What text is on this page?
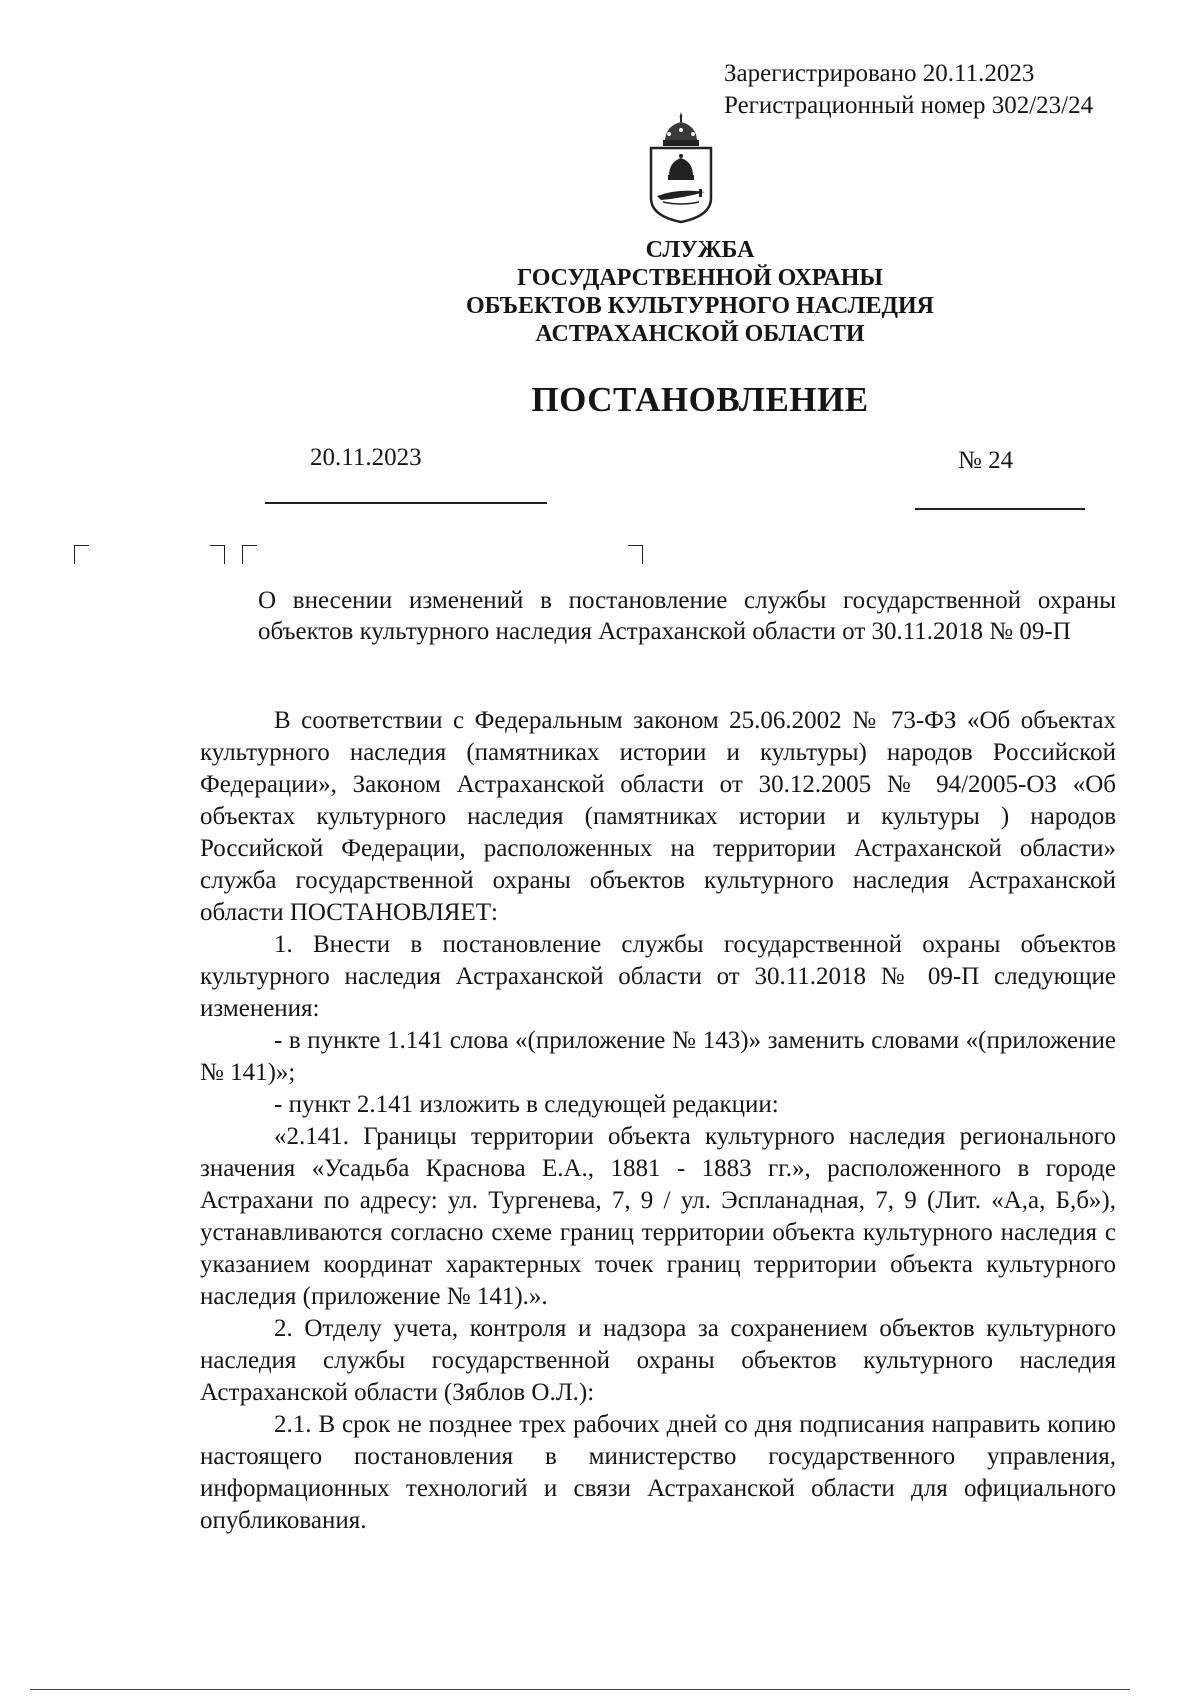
Зарегистрировано 20.11.2023
Регистрационный номер 302/23/24
СЛУЖБА
ГОСУДАРСТВЕННОЙ ОХРАНЫ
ОБЪЕКТОВ КУЛЬТУРНОГО НАСЛЕДИЯ
АСТРАХАНСКОЙ ОБЛАСТИ
ПОСТАНОВЛЕНИЕ
20.11.2023	№ 24
О внесении изменений в постановление службы государственной охраны объектов культурного наследия Астраханской области от 30.11.2018 № 09-П

В соответствии с Федеральным законом 25.06.2002 № 73-ФЗ «Об объектах культурного наследия (памятниках истории и культуры) народов Российской Федерации», Законом Астраханской области от 30.12.2005 № 94/2005-ОЗ «Об объектах культурного наследия (памятниках истории и культуры ) народов Российской Федерации, расположенных на территории Астраханской области» служба государственной охраны объектов культурного наследия Астраханской области ПОСТАНОВЛЯЕТ:

1. Внести в постановление службы государственной охраны объектов культурного наследия Астраханской области от 30.11.2018 № 09-П следующие изменения:

- в пункте 1.141 слова «(приложение № 143)» заменить словами «(приложение № 141)»;

- пункт 2.141 изложить в следующей редакции:

«2.141. Границы территории объекта культурного наследия регионального значения «Усадьба Краснова Е.А., 1881 - 1883 гг.», расположенного в городе Астрахани по адресу: ул. Тургенева, 7, 9 / ул. Эспланадная, 7, 9 (Лит. «А,а, Б,б»), устанавливаются согласно схеме границ территории объекта культурного наследия с указанием координат характерных точек границ территории объекта культурного наследия (приложение № 141).».

2. Отделу учета, контроля и надзора за сохранением объектов культурного наследия службы государственной охраны объектов культурного наследия Астраханской области (Зяблов О.Л.):

2.1. В срок не позднее трех рабочих дней со дня подписания направить копию настоящего постановления в министерство государственного управления, информационных технологий и связи Астраханской области для официального опубликования.
